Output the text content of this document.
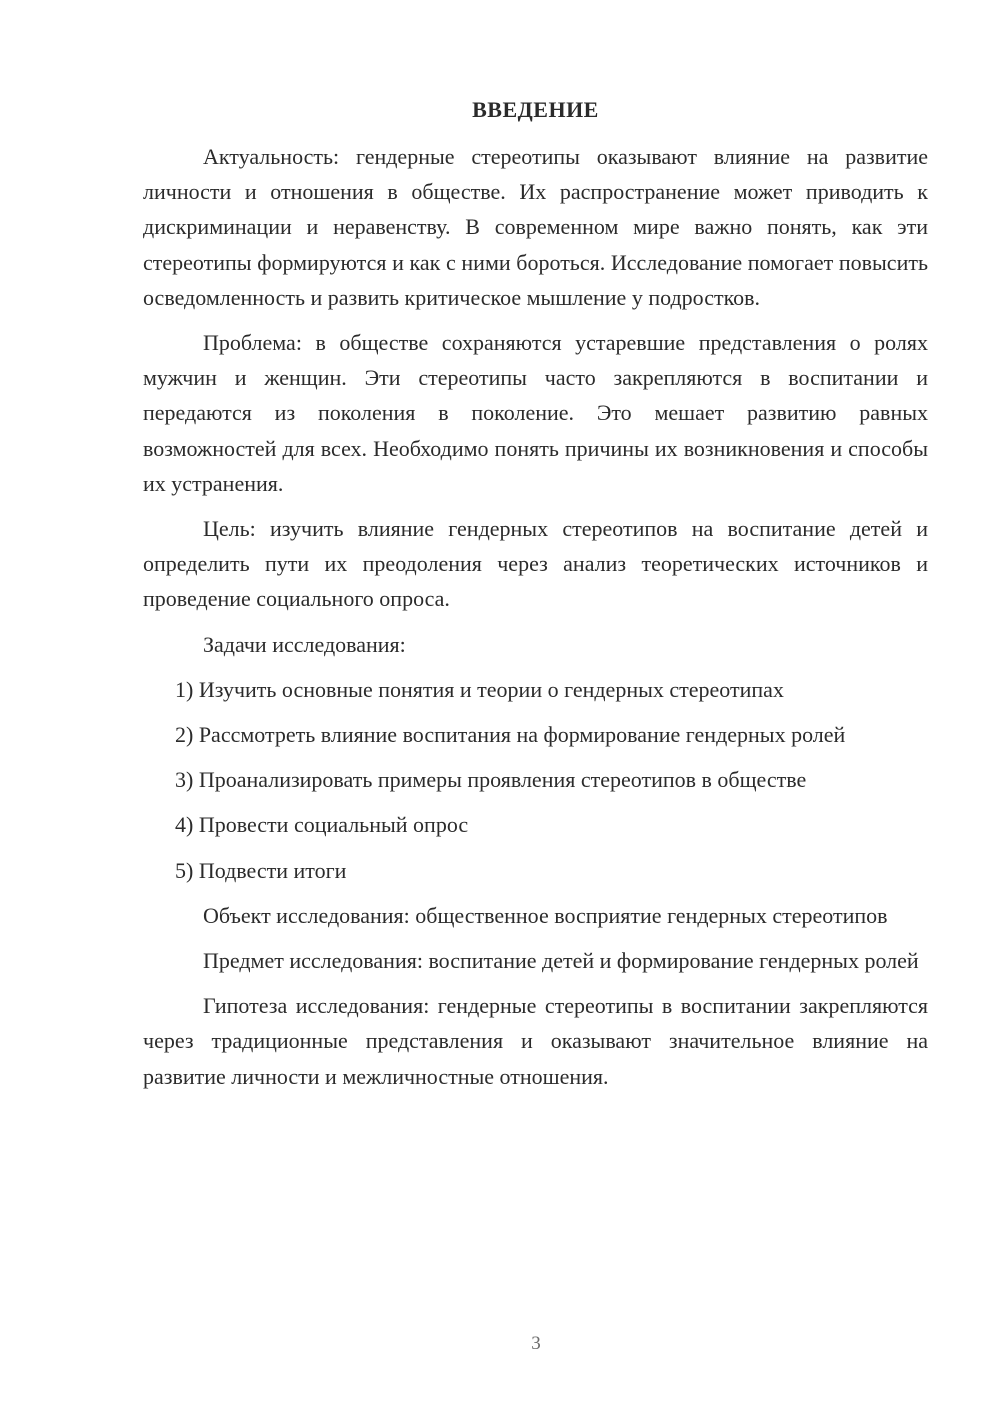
ВВЕДЕНИЕ

Актуальность: гендерные стереотипы оказывают влияние на развитие личности и отношения в обществе. Их распространение может приводить к дискриминации и неравенству. В современном мире важно понять, как эти стереотипы формируются и как с ними бороться. Исследование помогает повысить осведомленность и развить критическое мышление у подростков.

Проблема: в обществе сохраняются устаревшие представления о ролях мужчин и женщин. Эти стереотипы часто закрепляются в воспитании и передаются из поколения в поколение. Это мешает развитию равных возможностей для всех. Необходимо понять причины их возникновения и способы их устранения.

Цель: изучить влияние гендерных стереотипов на воспитание детей и определить пути их преодоления через анализ теоретических источников и проведение социального опроса.

Задачи исследования:

1) Изучить основные понятия и теории о гендерных стереотипах

2) Рассмотреть влияние воспитания на формирование гендерных ролей

3) Проанализировать примеры проявления стереотипов в обществе

4) Провести социальный опрос

5) Подвести итоги

Объект исследования: общественное восприятие гендерных стереотипов

Предмет исследования: воспитание детей и формирование гендерных ролей

Гипотеза исследования: гендерные стереотипы в воспитании закрепляются через традиционные представления и оказывают значительное влияние на развитие личности и межличностные отношения.

3
